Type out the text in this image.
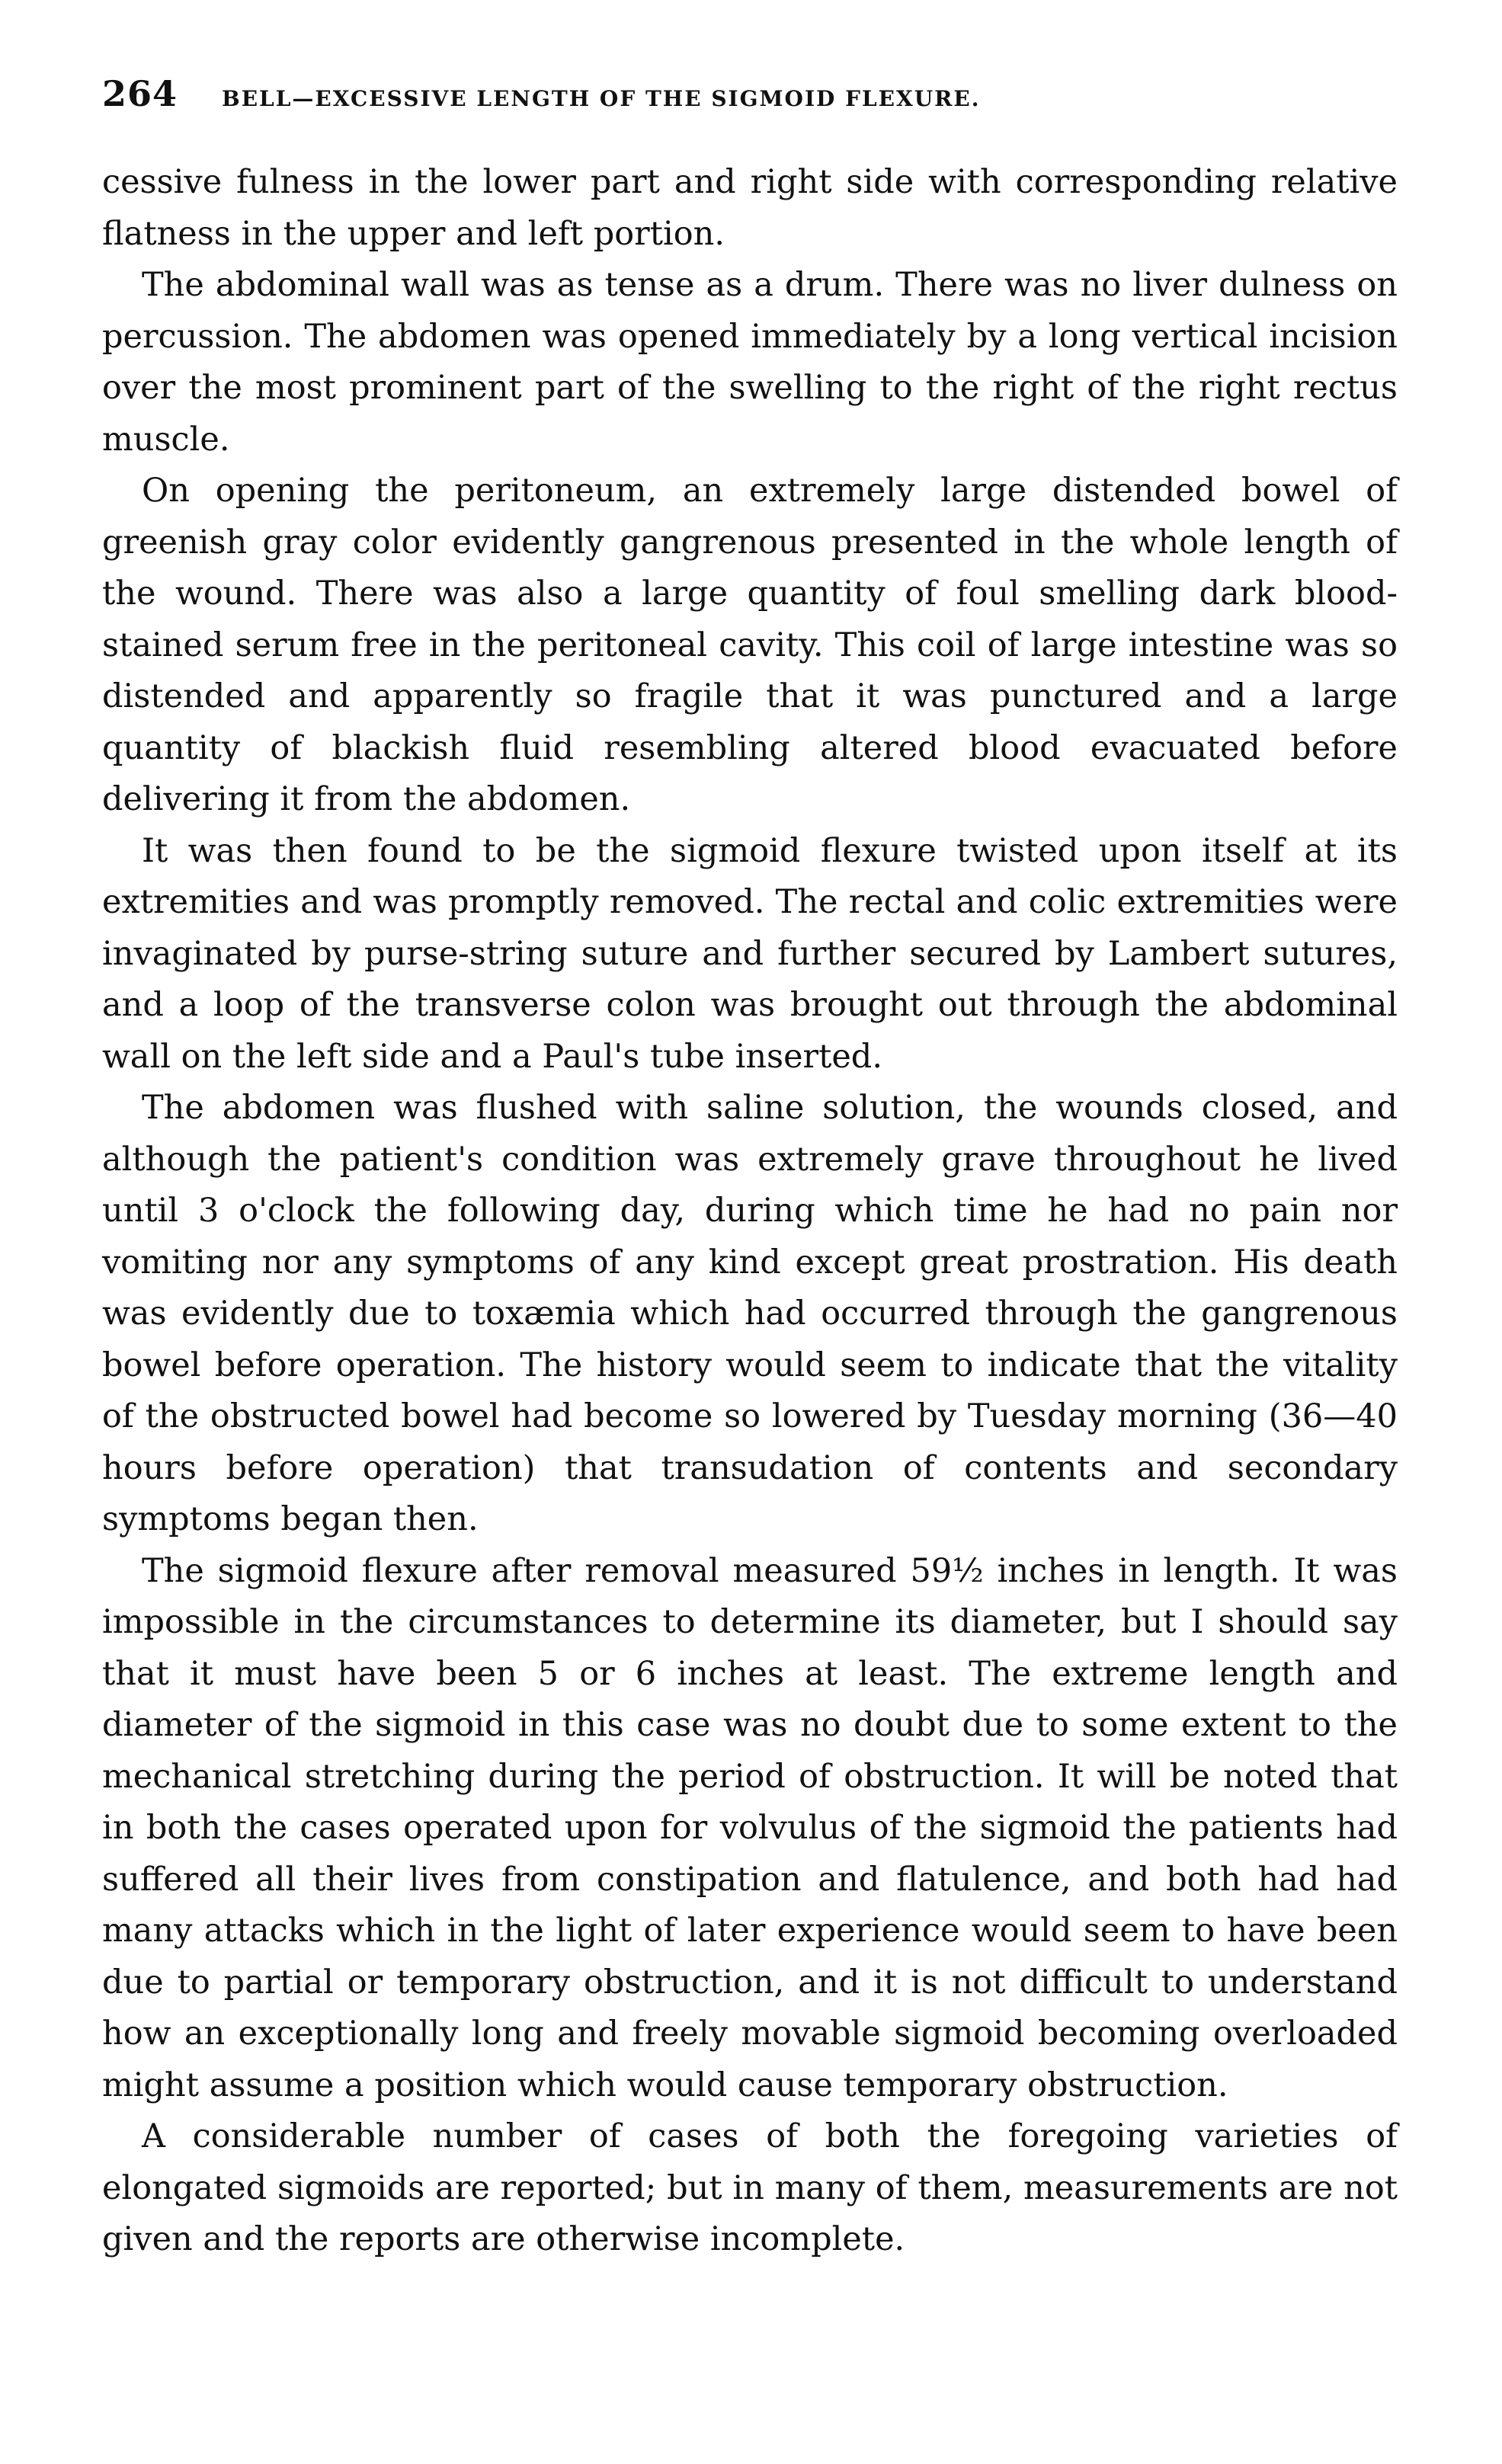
264 BELL—EXCESSIVE LENGTH OF THE SIGMOID FLEXURE.

cessive fulness in the lower part and right side with corresponding relative flatness in the upper and left portion.

The abdominal wall was as tense as a drum. There was no liver dulness on percussion. The abdomen was opened immediately by a long vertical incision over the most prominent part of the swelling to the right of the right rectus muscle.

On opening the peritoneum, an extremely large distended bowel of greenish gray color evidently gangrenous presented in the whole length of the wound. There was also a large quantity of foul smelling dark blood-stained serum free in the peritoneal cavity. This coil of large intestine was so distended and apparently so fragile that it was punctured and a large quantity of blackish fluid resembling altered blood evacuated before delivering it from the abdomen.

It was then found to be the sigmoid flexure twisted upon itself at its extremities and was promptly removed. The rectal and colic extremities were invaginated by purse-string suture and further secured by Lambert sutures, and a loop of the transverse colon was brought out through the abdominal wall on the left side and a Paul's tube inserted.

The abdomen was flushed with saline solution, the wounds closed, and although the patient's condition was extremely grave throughout he lived until 3 o'clock the following day, during which time he had no pain nor vomiting nor any symptoms of any kind except great prostration. His death was evidently due to toxæmia which had occurred through the gangrenous bowel before operation. The history would seem to indicate that the vitality of the obstructed bowel had become so lowered by Tuesday morning (36—40 hours before operation) that transudation of contents and secondary symptoms began then.

The sigmoid flexure after removal measured 59½ inches in length. It was impossible in the circumstances to determine its diameter, but I should say that it must have been 5 or 6 inches at least. The extreme length and diameter of the sigmoid in this case was no doubt due to some extent to the mechanical stretching during the period of obstruction. It will be noted that in both the cases operated upon for volvulus of the sigmoid the patients had suffered all their lives from constipation and flatulence, and both had had many attacks which in the light of later experience would seem to have been due to partial or temporary obstruction, and it is not difficult to understand how an exceptionally long and freely movable sigmoid becoming overloaded might assume a position which would cause temporary obstruction.

A considerable number of cases of both the foregoing varieties of elongated sigmoids are reported; but in many of them, measurements are not given and the reports are otherwise incomplete.
